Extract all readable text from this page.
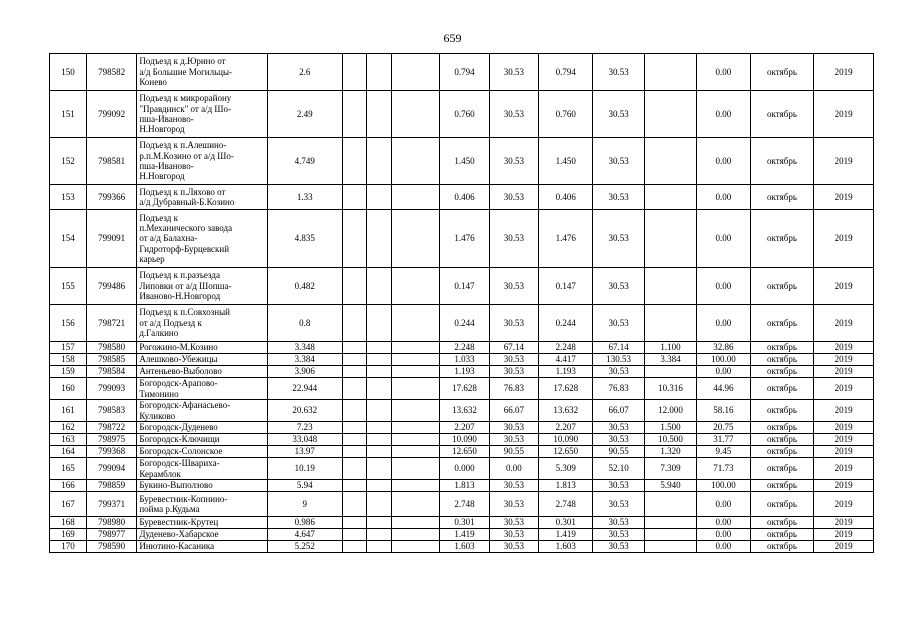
659
150	798582	Подъезд к д.Юрино от
а/д Большие Могильцы-
Конево	2.6				0.794	30.53	0.794	30.53		0.00	октябрь	2019
151	799092	Подъезд к микрорайону
"Правдинск" от а/д Шо-
пша-Иваново-
Н.Новгород	2.49				0.760	30.53	0.760	30.53		0.00	октябрь	2019
152	798581	Подъезд к п.Алешино-
р.п.М.Козино от а/д Шо-
пша-Иваново-
Н.Новгород	4.749				1.450	30.53	1.450	30.53		0.00	октябрь	2019
153	799366	Подъезд к п.Ляхово от
а/д Дубравный-Б.Козино	1.33				0.406	30.53	0.406	30.53		0.00	октябрь	2019
154	799091	Подъезд к
п.Механического завода
от а/д Балахна-
Гидроторф-Бурцевский
карьер	4.835				1.476	30.53	1.476	30.53		0.00	октябрь	2019
155	799486	Подъезд к п.разъезда
Липовки от а/д Шопша-
Иваново-Н.Новгород	0.482				0.147	30.53	0.147	30.53		0.00	октябрь	2019
156	798721	Подъезд к п.Совхозный
от а/д Подъезд к
д.Галкино	0.8				0.244	30.53	0.244	30.53		0.00	октябрь	2019
157	798580	Рогожино-М.Козино	3.348				2.248	67.14	2.248	67.14	1.100	32.86	октябрь	2019
158	798585	Алешково-Убежицы	3.384				1.033	30.53	4.417	130.53	3.384	100.00	октябрь	2019
159	798584	Антеньево-Выболово	3.906				1.193	30.53	1.193	30.53		0.00	октябрь	2019
160	799093	Богородск-Арапово-
Тимонино	22.944				17.628	76.83	17.628	76.83	10.316	44.96	октябрь	2019
161	798583	Богородск-Афанасьево-
Куликово	20.632				13.632	66.07	13.632	66.07	12.000	58.16	октябрь	2019
162	798722	Богородск-Дуденево	7.23				2.207	30.53	2.207	30.53	1.500	20.75	октябрь	2019
163	798975	Богородск-Ключищи	33.048				10.090	30.53	10.090	30.53	10.500	31.77	октябрь	2019
164	799368	Богородск-Солонское	13.97				12.650	90.55	12.650	90.55	1.320	9.45	октябрь	2019
165	799094	Богородск-Шварихa-
Керамблок	10.19				0.000	0.00	5.309	52.10	7.309	71.73	октябрь	2019
166	798859	Букино-Выползово	5.94				1.813	30.53	1.813	30.53	5.940	100.00	октябрь	2019
167	799371	Буревестник-Копнино-
пойма р.Кудьма	9				2.748	30.53	2.748	30.53		0.00	октябрь	2019
168	798980	Буревестник-Крутец	0.986				0.301	30.53	0.301	30.53		0.00	октябрь	2019
169	798977	Дуденево-Хабарское	4.647				1.419	30.53	1.419	30.53		0.00	октябрь	2019
170	798590	Инютино-Касаника	5.252				1.603	30.53	1.603	30.53		0.00	октябрь	2019
